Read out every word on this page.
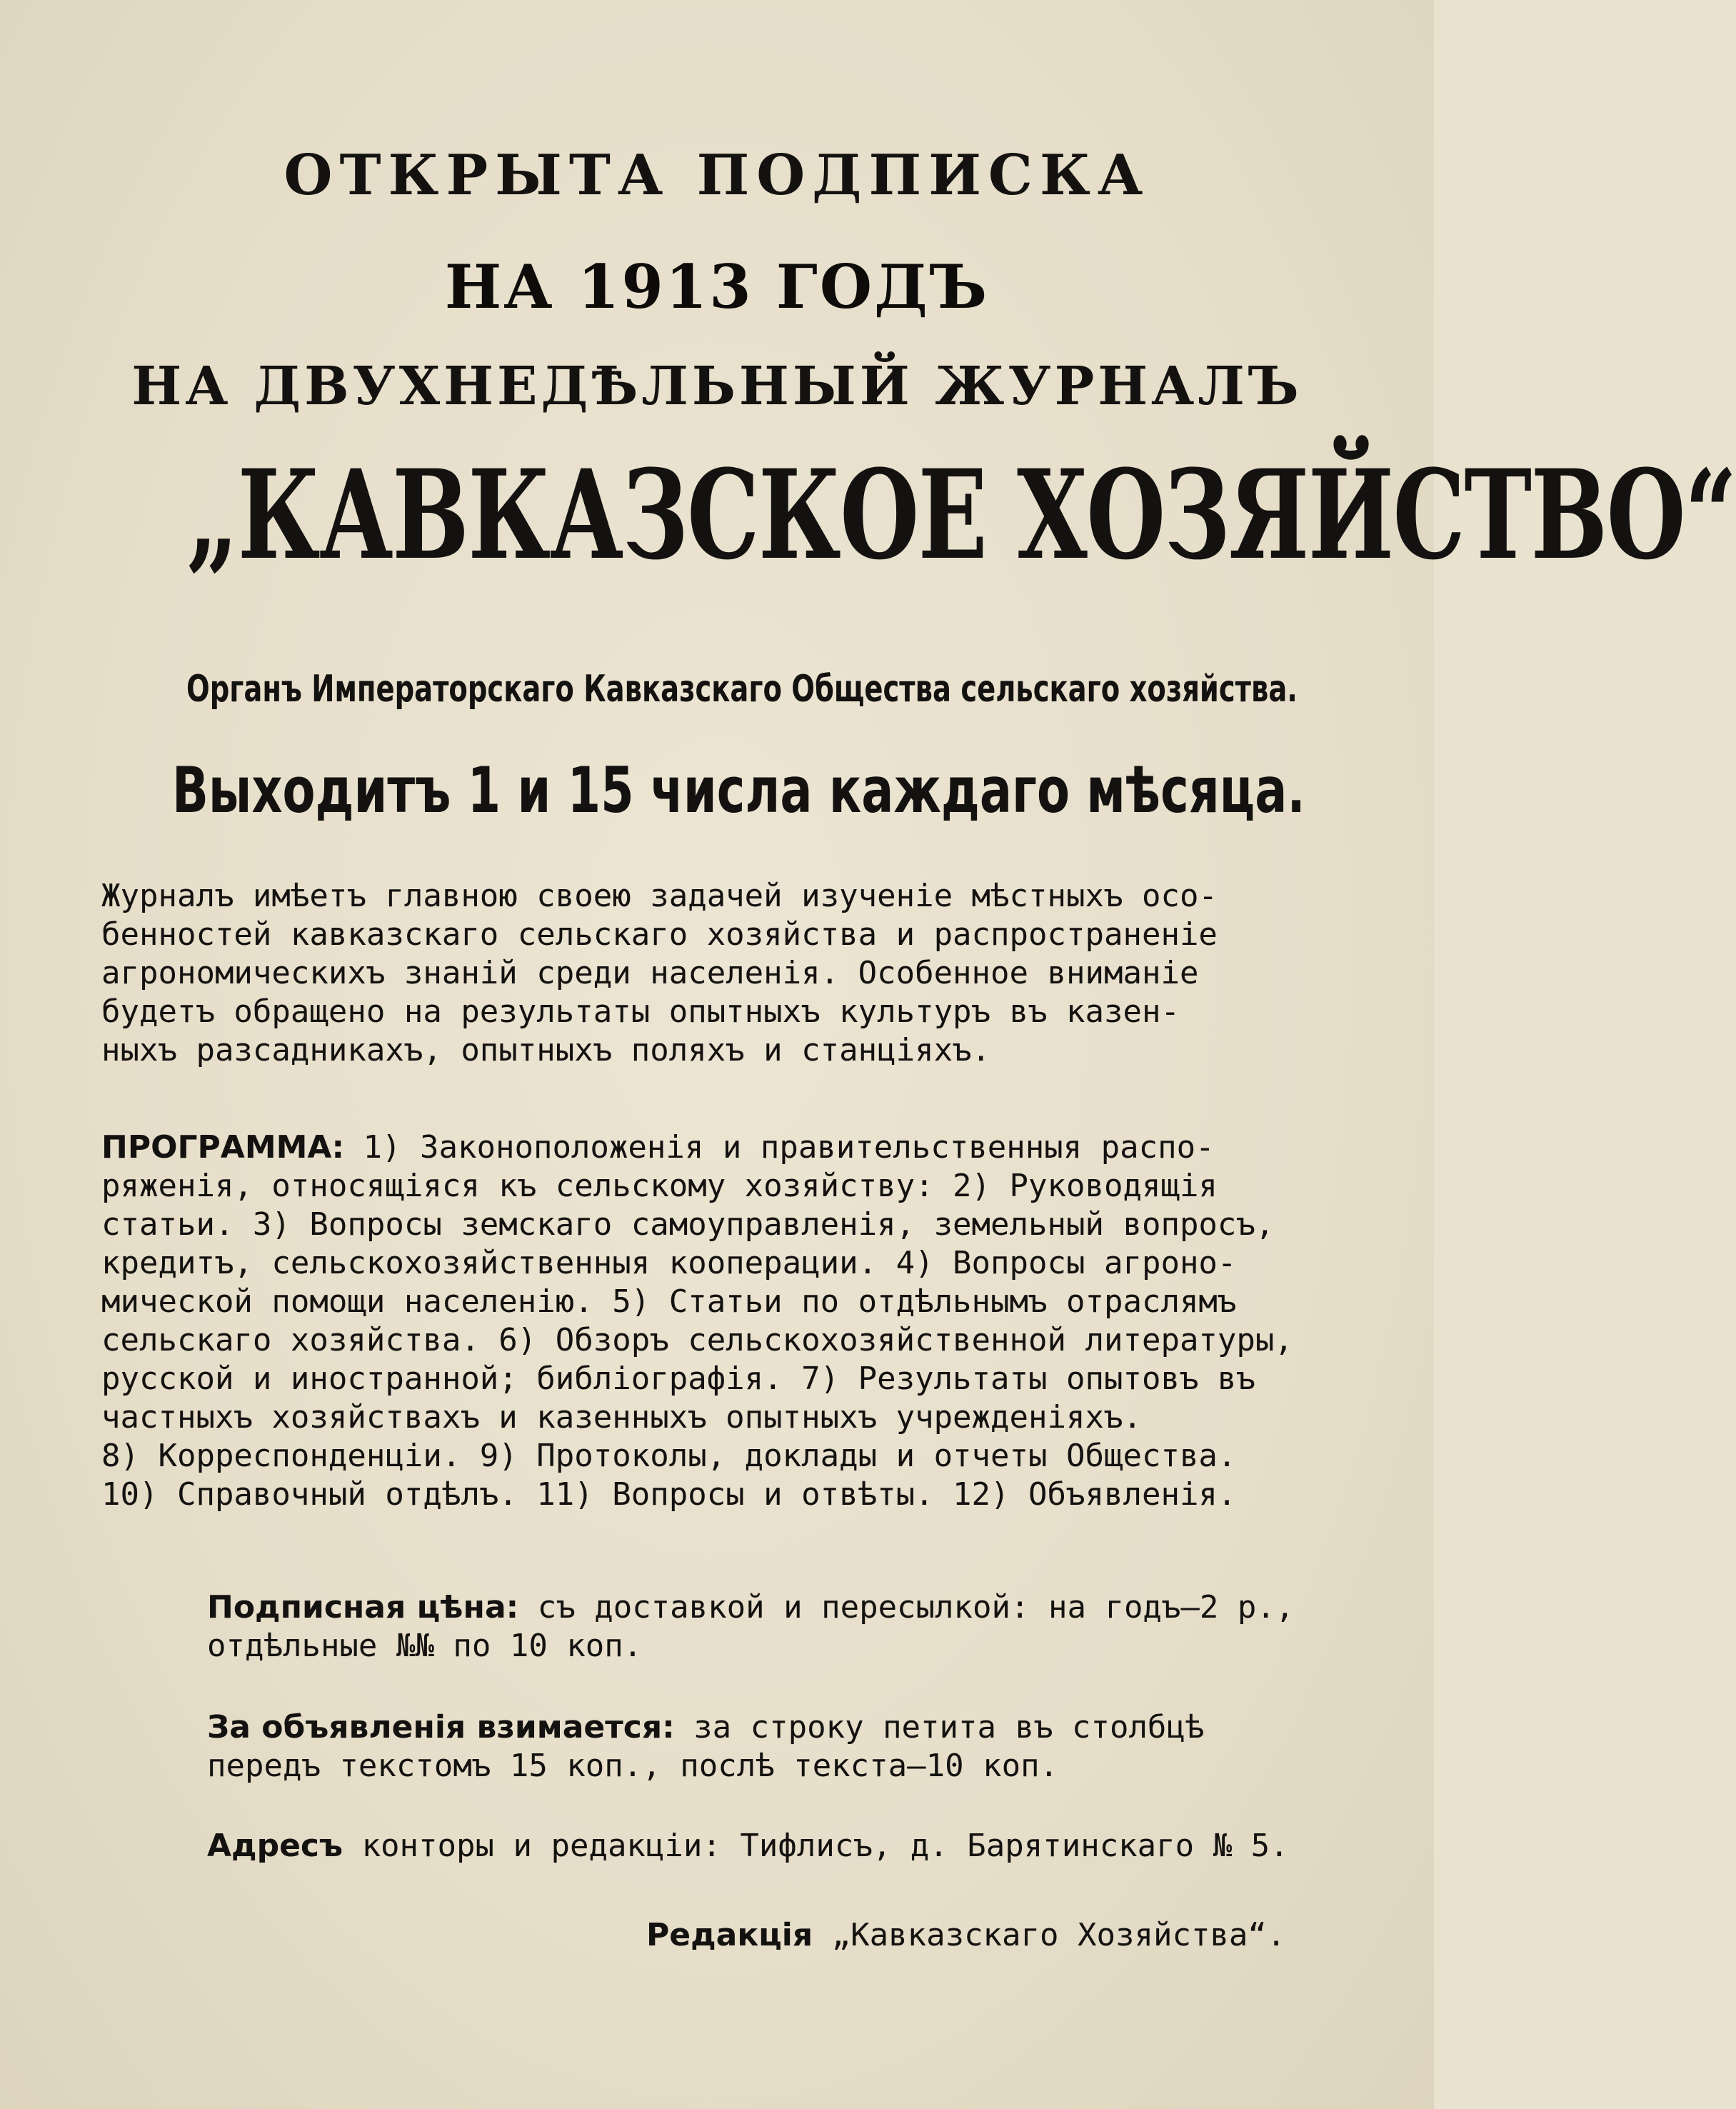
ОТКРЫТА ПОДПИСКА
НА 1913 ГОДЪ
НА ДВУХНЕДѢЛЬНЫЙ ЖУРНАЛЪ
„КАВКАЗСКОЕ ХОЗЯЙСТВО“
Органъ Императорскаго Кавказскаго Общества сельскаго хозяйства.
Выходитъ 1 и 15 числа каждаго мѣсяца.
Журналъ имѣетъ главною своею задачей изученіе мѣстныхъ осо-
бенностей кавказскаго сельскаго хозяйства и распространеніе
агрономическихъ знаній среди населенія. Особенное вниманіе
будетъ обращено на результаты опытныхъ культуръ въ казен-
ныхъ разсадникахъ, опытныхъ поляхъ и станціяхъ.
ПРОГРАММА: 1) Законоположенія и правительственныя распо-
ряженія, относящіяся къ сельскому хозяйству: 2) Руководящія
статьи. 3) Вопросы земскаго самоуправленія, земельный вопросъ,
кредитъ, сельскохозяйственныя кооперации. 4) Вопросы агроно-
мической помощи населенію. 5) Статьи по отдѣльнымъ отраслямъ
сельскаго хозяйства. 6) Обзоръ сельскохозяйственной литературы,
русской и иностранной; библіографія. 7) Результаты опытовъ въ
частныхъ хозяйствахъ и казенныхъ опытныхъ учрежденіяхъ.
8) Корреспонденціи. 9) Протоколы, доклады и отчеты Общества.
10) Справочный отдѣлъ. 11) Вопросы и отвѣты. 12) Объявленія.
Подписная цѣна: съ доставкой и пересылкой: на годъ—2 р.,
отдѣльные №№ по 10 коп.
За объявленія взимается: за строку петита въ столбцѣ
передъ текстомъ 15 коп., послѣ текста—10 коп.
Адресъ конторы и редакціи: Тифлисъ, д. Барятинскаго № 5.
Редакція „Кавказскаго Хозяйства“.
